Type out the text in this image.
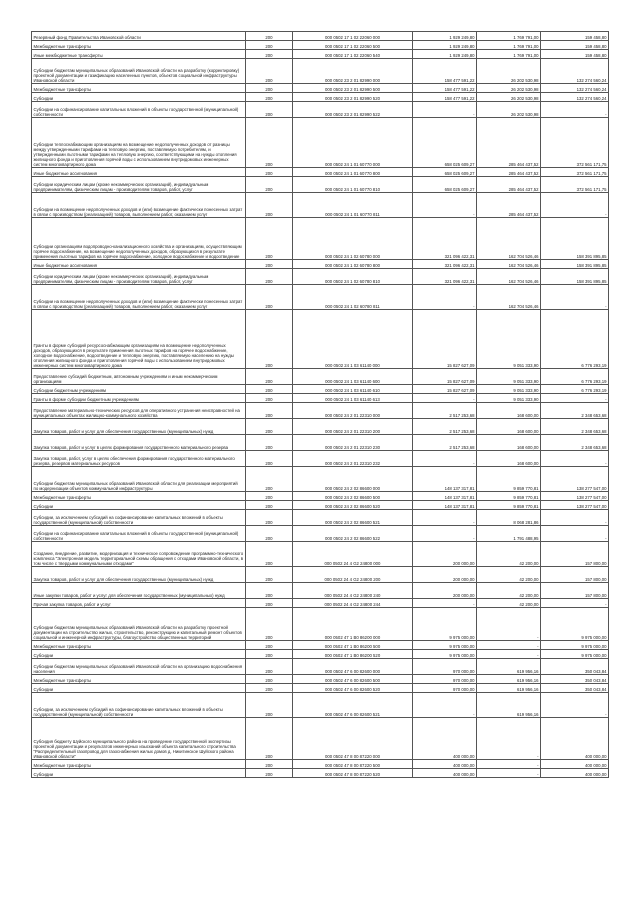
Резервный фонд Правительства Ивановской области	200	000 0502 17 1 02 22060 000	1 929 249,80	1 769 791,00	159 458,80
Межбюджетные трансферты	200	000 0502 17 1 02 22060 500	1 929 249,80	1 769 791,00	159 458,80
Иные межбюджетные трансферты	200	000 0502 17 1 02 22060 540	1 929 249,80	1 769 791,00	159 458,80
Субсидии бюджетам муниципальных образований Ивановской области на разработку (корректировку) проектной документации и газификацию населенных пунктов, объектов социальной инфраструктуры Ивановской области	200	000 0502 23 2 01 82990 000	158 477 591,22	26 202 530,98	132 274 560,24
Межбюджетные трансферты	200	000 0502 23 2 01 82990 500	158 477 591,22	26 202 530,98	132 274 560,24
Субсидии	200	000 0502 23 2 01 82990 520	158 477 591,22	26 202 530,98	132 274 560,24
Субсидии на софинансирование капитальных вложений в объекты государственной (муниципальной) собственности	200	000 0502 23 2 01 82990 522	-	26 202 530,98	-
Субсидии теплоснабжающим организациям на возмещение недополученных доходов от разницы между утвержденными тарифами на тепловую энергию, поставляемую потребителям, и утвержденными льготными тарифами на тепловую энергию, соответствующими на нужды отопления жилищного фонда и приготовления горячей воды с использованием внутридомовых инженерных систем многоквартирного дома	200	000 0502 24 1 01 60770 000	658 025 609,27	285 464 437,52	372 561 171,75
Иные бюджетные ассигнования	200	000 0502 24 1 01 60770 800	658 025 609,27	285 464 437,52	372 561 171,75
Субсидии юридическим лицам (кроме некоммерческих организаций), индивидуальным предпринимателям, физическим лицам - производителям товаров, работ, услуг	200	000 0502 24 1 01 60770 810	658 025 609,27	285 464 437,52	372 561 171,75
Субсидии на возмещение недополученных доходов и (или) возмещение фактически понесенных затрат в связи с производством (реализацией) товаров, выполнением работ, оказанием услуг	200	000 0502 24 1 01 60770 811	-	285 464 437,52	-
Субсидии организациям водопроводно-канализационного хозяйства и организациям, осуществляющим горячее водоснабжение, на возмещение недополученных доходов, образующихся в результате применения льготных тарифов на горячее водоснабжение, холодное водоснабжение и водоотведение	200	000 0502 24 1 02 60780 000	321 096 422,31	162 704 526,46	158 391 895,85
Иные бюджетные ассигнования	200	000 0502 24 1 02 60780 800	321 096 422,31	162 704 526,46	158 391 895,85
Субсидии юридическим лицам (кроме некоммерческих организаций), индивидуальным предпринимателям, физическим лицам - производителям товаров, работ, услуг	200	000 0502 24 1 02 60780 810	321 096 422,31	162 704 526,46	158 391 895,85
Субсидии на возмещение недополученных доходов и (или) возмещение фактически понесенных затрат в связи с производством (реализацией) товаров, выполнением работ, оказанием услуг	200	000 0502 24 1 02 60780 811	-	162 704 526,46	-
Гранты в форме субсидий ресурсоснабжающим организациям на возмещение недополученных доходов, образующихся в результате применения льготных тарифов на горячее водоснабжение, холодное водоснабжение, водоотведение и тепловую энергию, поставляемую населению на нужды отопления жилищного фонда и приготовления горячей воды с использованием внутридомовых инженерных систем многоквартирного дома	200	000 0502 24 1 03 61140 000	15 827 627,09	9 051 333,90	6 776 293,19
Предоставление субсидий бюджетным, автономным учреждениям и иным некоммерческим организациям	200	000 0502 24 1 03 61140 600	15 827 627,09	9 051 333,90	6 776 293,19
Субсидии бюджетным учреждениям	200	000 0502 24 1 03 61140 610	15 827 627,09	9 051 333,90	6 776 293,19
Гранты в форме субсидии бюджетным учреждениям	200	000 0502 24 1 03 61140 613	-	9 051 333,90	-
Предоставление материально-технических ресурсов для оперативного устранения неисправностей на муниципальных объектах жилищно-коммунального хозяйства	200	000 0502 24 2 01 22310 000	2 517 253,68	168 600,00	2 348 653,68
Закупка товаров, работ и услуг для обеспечения государственных (муниципальных) нужд	200	000 0502 24 2 01 22310 200	2 517 253,68	168 600,00	2 348 653,68
Закупка товаров, работ и услуг в целях формирования государственного материального резерва	200	000 0502 24 2 01 22310 230	2 517 253,68	168 600,00	2 348 653,68
Закупка товаров, работ, услуг в целях обеспечения формирования государственного материального резерва, резервов материальных ресурсов	200	000 0502 24 2 01 22310 232	-	168 600,00	-
Субсидии бюджетам муниципальных образований Ивановской области для реализации мероприятий по модернизации объектов коммунальной инфраструктуры	200	000 0502 24 2 02 86600 000	148 137 317,81	9 859 770,81	138 277 547,00
Межбюджетные трансферты	200	000 0502 24 2 02 86600 500	148 137 317,81	9 859 770,81	138 277 547,00
Субсидии	200	000 0502 24 2 02 86600 520	148 137 317,81	9 859 770,81	138 277 547,00
Субсидии, за исключением субсидий на софинансирование капитальных вложений в объекты государственной (муниципальной) собственности	200	000 0502 24 2 02 86600 521	-	8 068 281,86	-
Субсидии на софинансирование капитальных вложений в объекты государственной (муниципальной) собственности	200	000 0502 24 2 02 86600 522	-	1 791 488,95	-
Создание, внедрение, развитие, модернизация и техническое сопровождение программно-технического комплекса "Электронная модель территориальной схемы обращения с отходами Ивановской области, в том числе с твердыми коммунальными отходами"	200	000 0502 24 4 G2 24800 000	200 000,00	42 200,00	157 800,00
Закупка товаров, работ и услуг для обеспечения государственных (муниципальных) нужд	200	000 0502 24 4 G2 24800 200	200 000,00	42 200,00	157 800,00
Иные закупки товаров, работ и услуг для обеспечения государственных (муниципальных) нужд	200	000 0502 24 4 G2 24800 240	200 000,00	42 200,00	157 800,00
Прочая закупка товаров, работ и услуг	200	000 0502 24 4 G2 24800 244	-	42 200,00	-
Субсидии бюджетам муниципальных образований Ивановской области на разработку проектной документации на строительство жилых, строительство, реконструкцию и капитальный ремонт объектов социальной и инженерной инфраструктуры, благоустройство общественных территорий	200	000 0502 47 1 B0 86200 000	9 975 000,00	-	9 975 000,00
Межбюджетные трансферты	200	000 0502 47 1 B0 86200 500	9 975 000,00	-	9 975 000,00
Субсидии	200	000 0502 47 1 B0 86200 520	9 975 000,00	-	9 975 000,00
Субсидии бюджетам муниципальных образований Ивановской области на организацию водоснабжения населения	200	000 0502 47 6 00 82600 000	970 000,00	619 956,16	350 043,84
Межбюджетные трансферты	200	000 0502 47 6 00 82600 500	970 000,00	619 956,16	350 043,84
Субсидии	200	000 0502 47 6 00 82600 520	970 000,00	619 956,16	350 043,84
Субсидии, за исключением субсидий на софинансирование капитальных вложений в объекты государственной (муниципальной) собственности	200	000 0502 47 6 00 82600 521	-	619 956,16	-
Субсидия бюджету Шуйского муниципального района на проведение государственной экспертизы проектной документации и результатов инженерных изысканий объекта капитального строительства "Распределительный газопровод для газоснабжения жилых домов д. Никитинское Шуйского района Ивановской области"	200	000 0502 47 8 00 87220 000	400 000,00	-	400 000,00
Межбюджетные трансферты	200	000 0502 47 8 00 87220 500	400 000,00	-	400 000,00
Субсидии	200	000 0502 47 8 00 87220 520	400 000,00	-	400 000,00
